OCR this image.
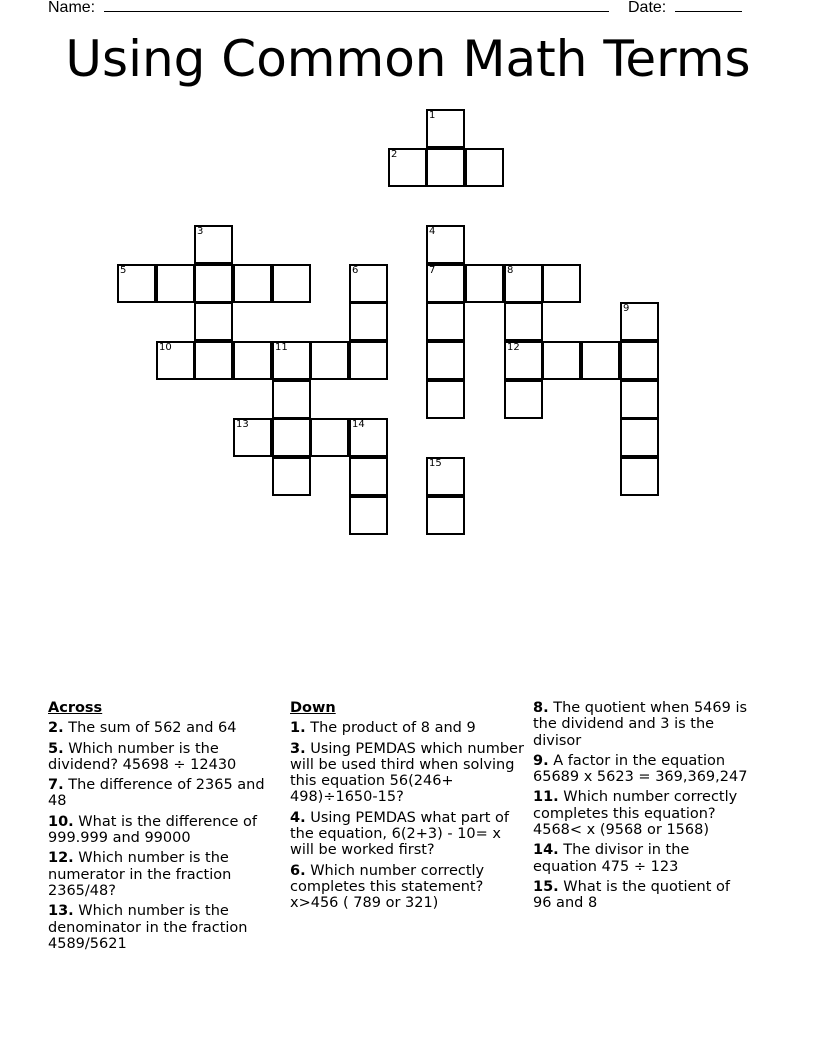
Name:	Date:
Using Common Math Terms
1
2
3	4
5	6	7	8
9
10	11	12
13	14
15
Across
2. The sum of 562 and 64
5. Which number is the dividend? 45698 ÷ 12430
7. The difference of 2365 and 48
10. What is the difference of 999.999 and 99000
12. Which number is the numerator in the fraction 2365/48?
13. Which number is the denominator in the fraction 4589/5621
Down
1. The product of 8 and 9
3. Using PEMDAS which number will be used third when solving this equation 56(246+ 498)÷1650-15?
4. Using PEMDAS what part of the equation, 6(2+3) - 10= x will be worked first?
6. Which number correctly completes this statement? x>456 ( 789 or 321)
8. The quotient when 5469 is the dividend and 3 is the divisor
9. A factor in the equation 65689 x 5623 = 369,369,247
11. Which number correctly completes this equation? 4568< x (9568 or 1568)
14. The divisor in the equation 475 ÷ 123
15. What is the quotient of 96 and 8
